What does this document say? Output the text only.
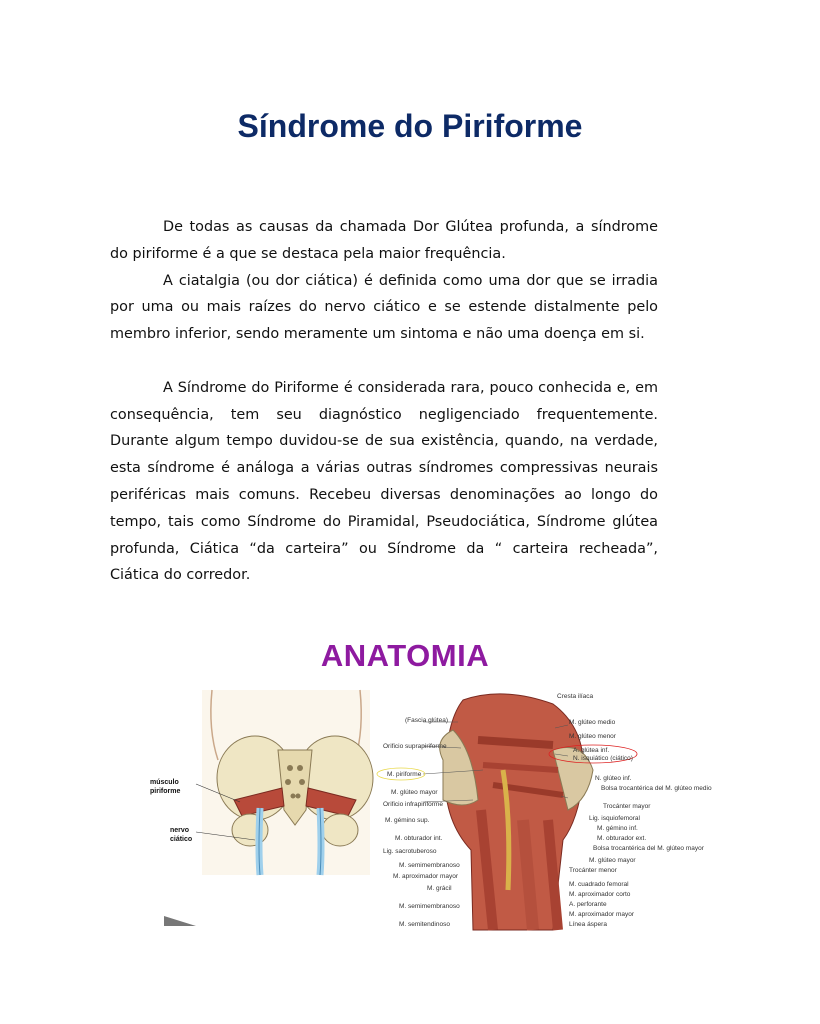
Síndrome do Piriforme

De todas as causas da chamada Dor Glútea profunda, a síndrome do piriforme é a que se destaca pela maior frequência.

A ciatalgia (ou dor ciática) é definida como uma dor que se irradia por uma ou mais raízes do nervo ciático e se estende distalmente pelo membro inferior, sendo meramente um sintoma e não uma doença em si.

A Síndrome do Piriforme é considerada rara, pouco conhecida e, em consequência, tem seu diagnóstico negligenciado frequentemente. Durante algum tempo duvidou-se de sua existência, quando, na verdade, esta síndrome é análoga a várias outras síndromes compressivas neurais periféricas mais comuns. Recebeu diversas denominações ao longo do tempo, tais como Síndrome do Piramidal, Pseudociática, Síndrome glútea profunda, Ciática “da carteira” ou Síndrome da “ carteira recheada”, Ciática do corredor.

ANATOMIA
músculo
piriforme
nervo
ciático
(Fascia glútea)
Orificio suprapiriforme
M. piriforme
M. glúteo mayor
Orificio infrapiriforme
M. gémino sup.
M. obturador int.
Lig. sacrotuberoso
M. semimembranoso
M. aproximador mayor
M. grácil
M. semimembranoso
M. semitendinoso
Cresta ilíaca
M. glúteo medio
M. glúteo menor
A. glútea inf.
N. isquiático (ciático)
N. glúteo inf.
Bolsa trocantérica del M. glúteo medio
Trocánter mayor
Lig. isquiofemoral
M. gémino inf.
M. obturador ext.
Bolsa trocantérica del M. glúteo mayor
M. glúteo mayor
Trocánter menor
M. cuadrado femoral
M. aproximador corto
A. perforante
M. aproximador mayor
Línea áspera
